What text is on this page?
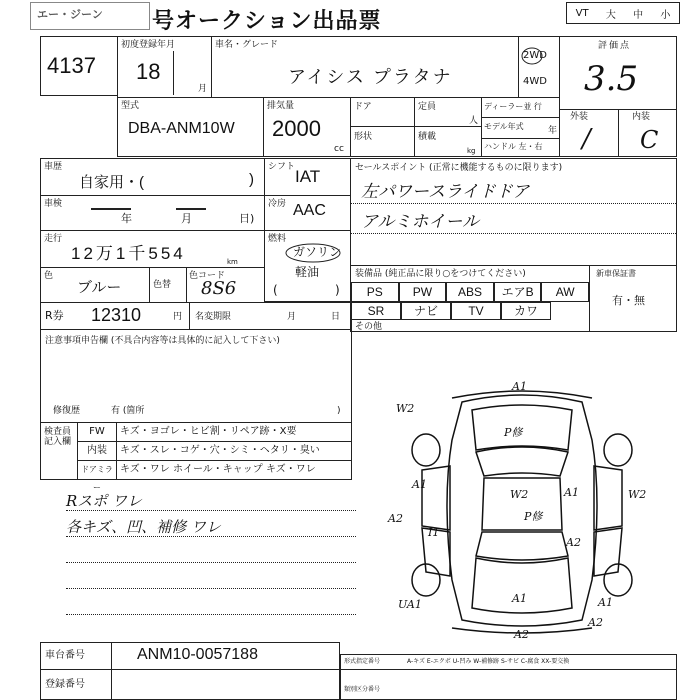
エー・ジーン 号オークション出品票	VT 大 中 小
4137
初度登録年月
18
月
車名・グレード
アイシス プラタナ
2WD
4WD
評価点
3.5
型式
DBA-ANM10W
排気量
2000
cc
ドア
形状
定員
人
積載
kg
ディーラー並 行
モデル年式	年
ハンドル 左・右
外装	内装
/ C
車歴
自家用・(	)
シフト IAT
車検
年	月	日)
冷房 AAC
走行
12万1千554	km
燃料
ガソリン
軽油
(	)
色
ブルー	色替
色コード
8S6
R券 12310	円 名変期限	月	日
セールスポイント (正常に機能するものに限ります)
左パワースライドドア
アルミホイール
装備品 (純正品に限り○をつけてください)
PS	PW	ABS	エアB	AW
SR	ナビ	TV	カワ
その他
新車保証書
有・無
注意事項申告欄 (不具合内容等は具体的に記入して下さい)
修復歴	有 (箇所	)
検査員記入欄
FW	キズ・ヨゴレ・ヒビ割・リペア跡・X要
内装	キズ・スレ・コゲ・穴・シミ・ヘタリ・臭い
ドアミラー
キズ・ワレ ホイール・キャップ キズ・ワレ
Rスポ ワレ
各キズ、凹、補修 ワレ
A1
W2
P修
W2	A1	W2
A2
A1
A1
P修
A2
A2
UA1	A1
A2
I1
車台番号	ANM10-0057188
登録番号
A-キズ E-エクボ U-凹み W-補修跡 S-サビ C-腐食 XX-要交換
形式指定番号
類別区分番号
